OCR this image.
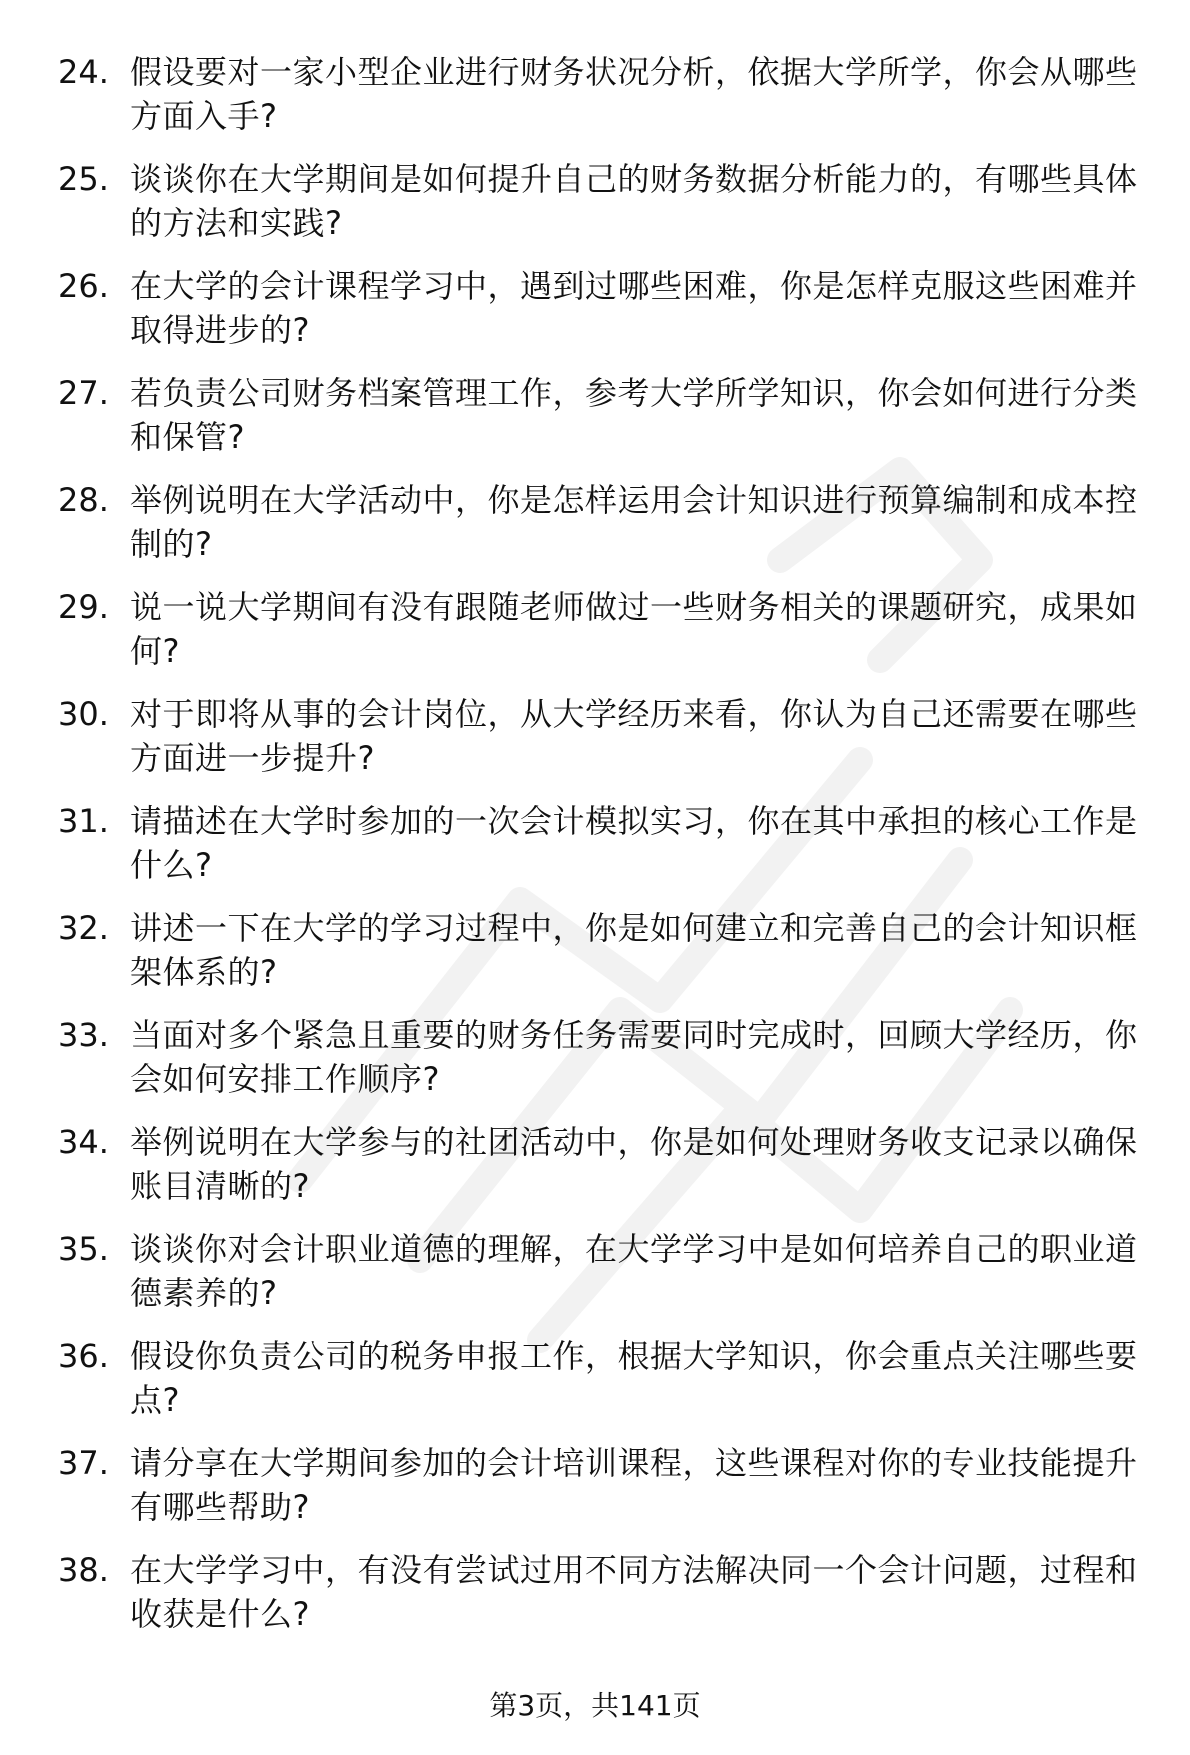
24. 假设要对一家小型企业进行财务状况分析，依据大学所学，你会从哪些方面入手?
25. 谈谈你在大学期间是如何提升自己的财务数据分析能力的，有哪些具体的方法和实践?
26. 在大学的会计课程学习中，遇到过哪些困难，你是怎样克服这些困难并取得进步的?
27. 若负责公司财务档案管理工作，参考大学所学知识，你会如何进行分类和保管?
28. 举例说明在大学活动中，你是怎样运用会计知识进行预算编制和成本控制的?
29. 说一说大学期间有没有跟随老师做过一些财务相关的课题研究，成果如何?
30. 对于即将从事的会计岗位，从大学经历来看，你认为自己还需要在哪些方面进一步提升?
31. 请描述在大学时参加的一次会计模拟实习，你在其中承担的核心工作是什么?
32. 讲述一下在大学的学习过程中，你是如何建立和完善自己的会计知识框架体系的?
33. 当面对多个紧急且重要的财务任务需要同时完成时，回顾大学经历，你会如何安排工作顺序?
34. 举例说明在大学参与的社团活动中，你是如何处理财务收支记录以确保账目清晰的?
35. 谈谈你对会计职业道德的理解，在大学学习中是如何培养自己的职业道德素养的?
36. 假设你负责公司的税务申报工作，根据大学知识，你会重点关注哪些要点?
37. 请分享在大学期间参加的会计培训课程，这些课程对你的专业技能提升有哪些帮助?
38. 在大学学习中，有没有尝试过用不同方法解决同一个会计问题，过程和收获是什么?
第3页，共141页
